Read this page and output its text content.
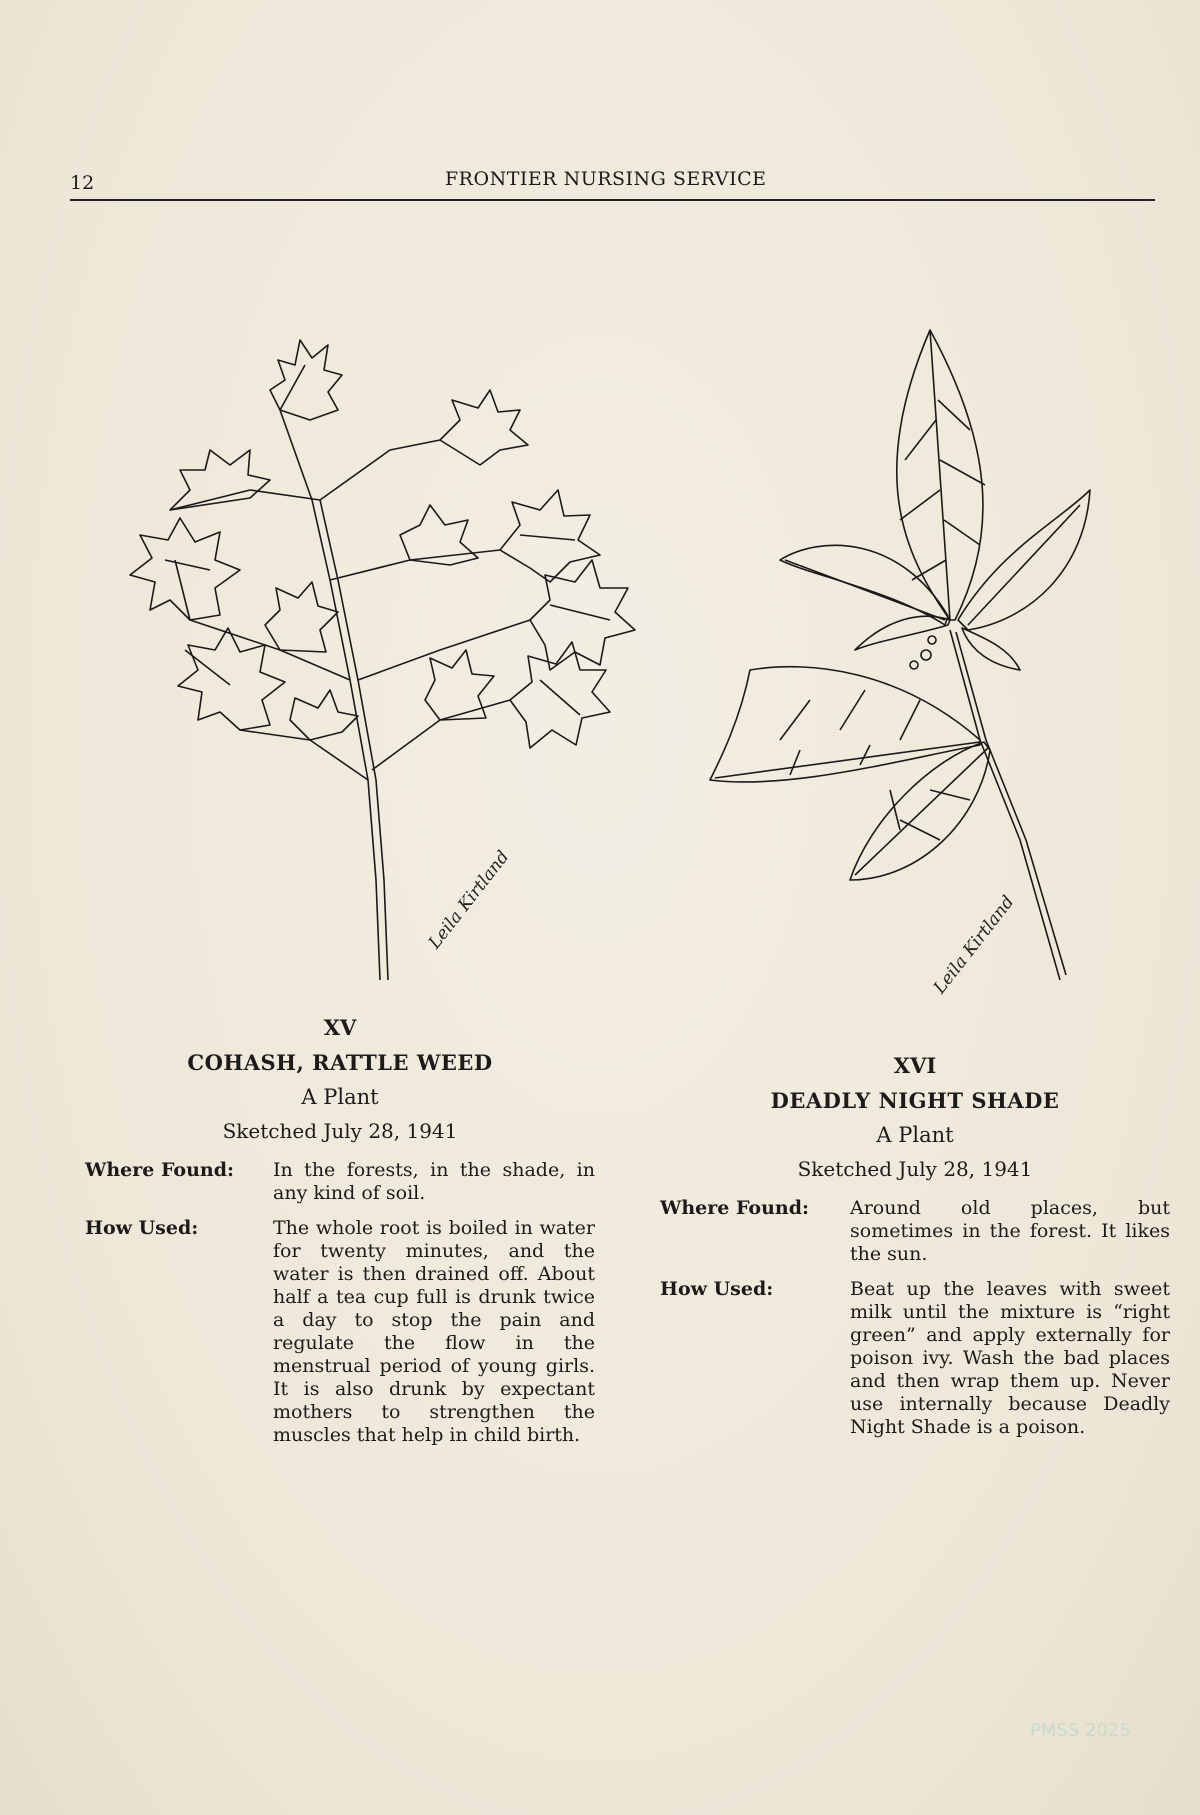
12	FRONTIER NURSING SERVICE
Leila Kirtland	Leila Kirtland
XV
COHASH, RATTLE WEED
A Plant
Sketched July 28, 1941
Where Found:	In the forests, in the shade, in any kind of soil.
How Used:	The whole root is boiled in water for twenty minutes, and the water is then drained off. About half a tea cup full is drunk twice a day to stop the pain and regulate the flow in the menstrual period of young girls. It is also drunk by expectant mothers to strengthen the muscles that help in child birth.
XVI
DEADLY NIGHT SHADE
A Plant
Sketched July 28, 1941
Where Found:	Around old places, but sometimes in the forest. It likes the sun.
How Used:	Beat up the leaves with sweet milk until the mixture is “right green” and apply externally for poison ivy. Wash the bad places and then wrap them up. Never use internally because Deadly Night Shade is a poison.
PMSS 2025
